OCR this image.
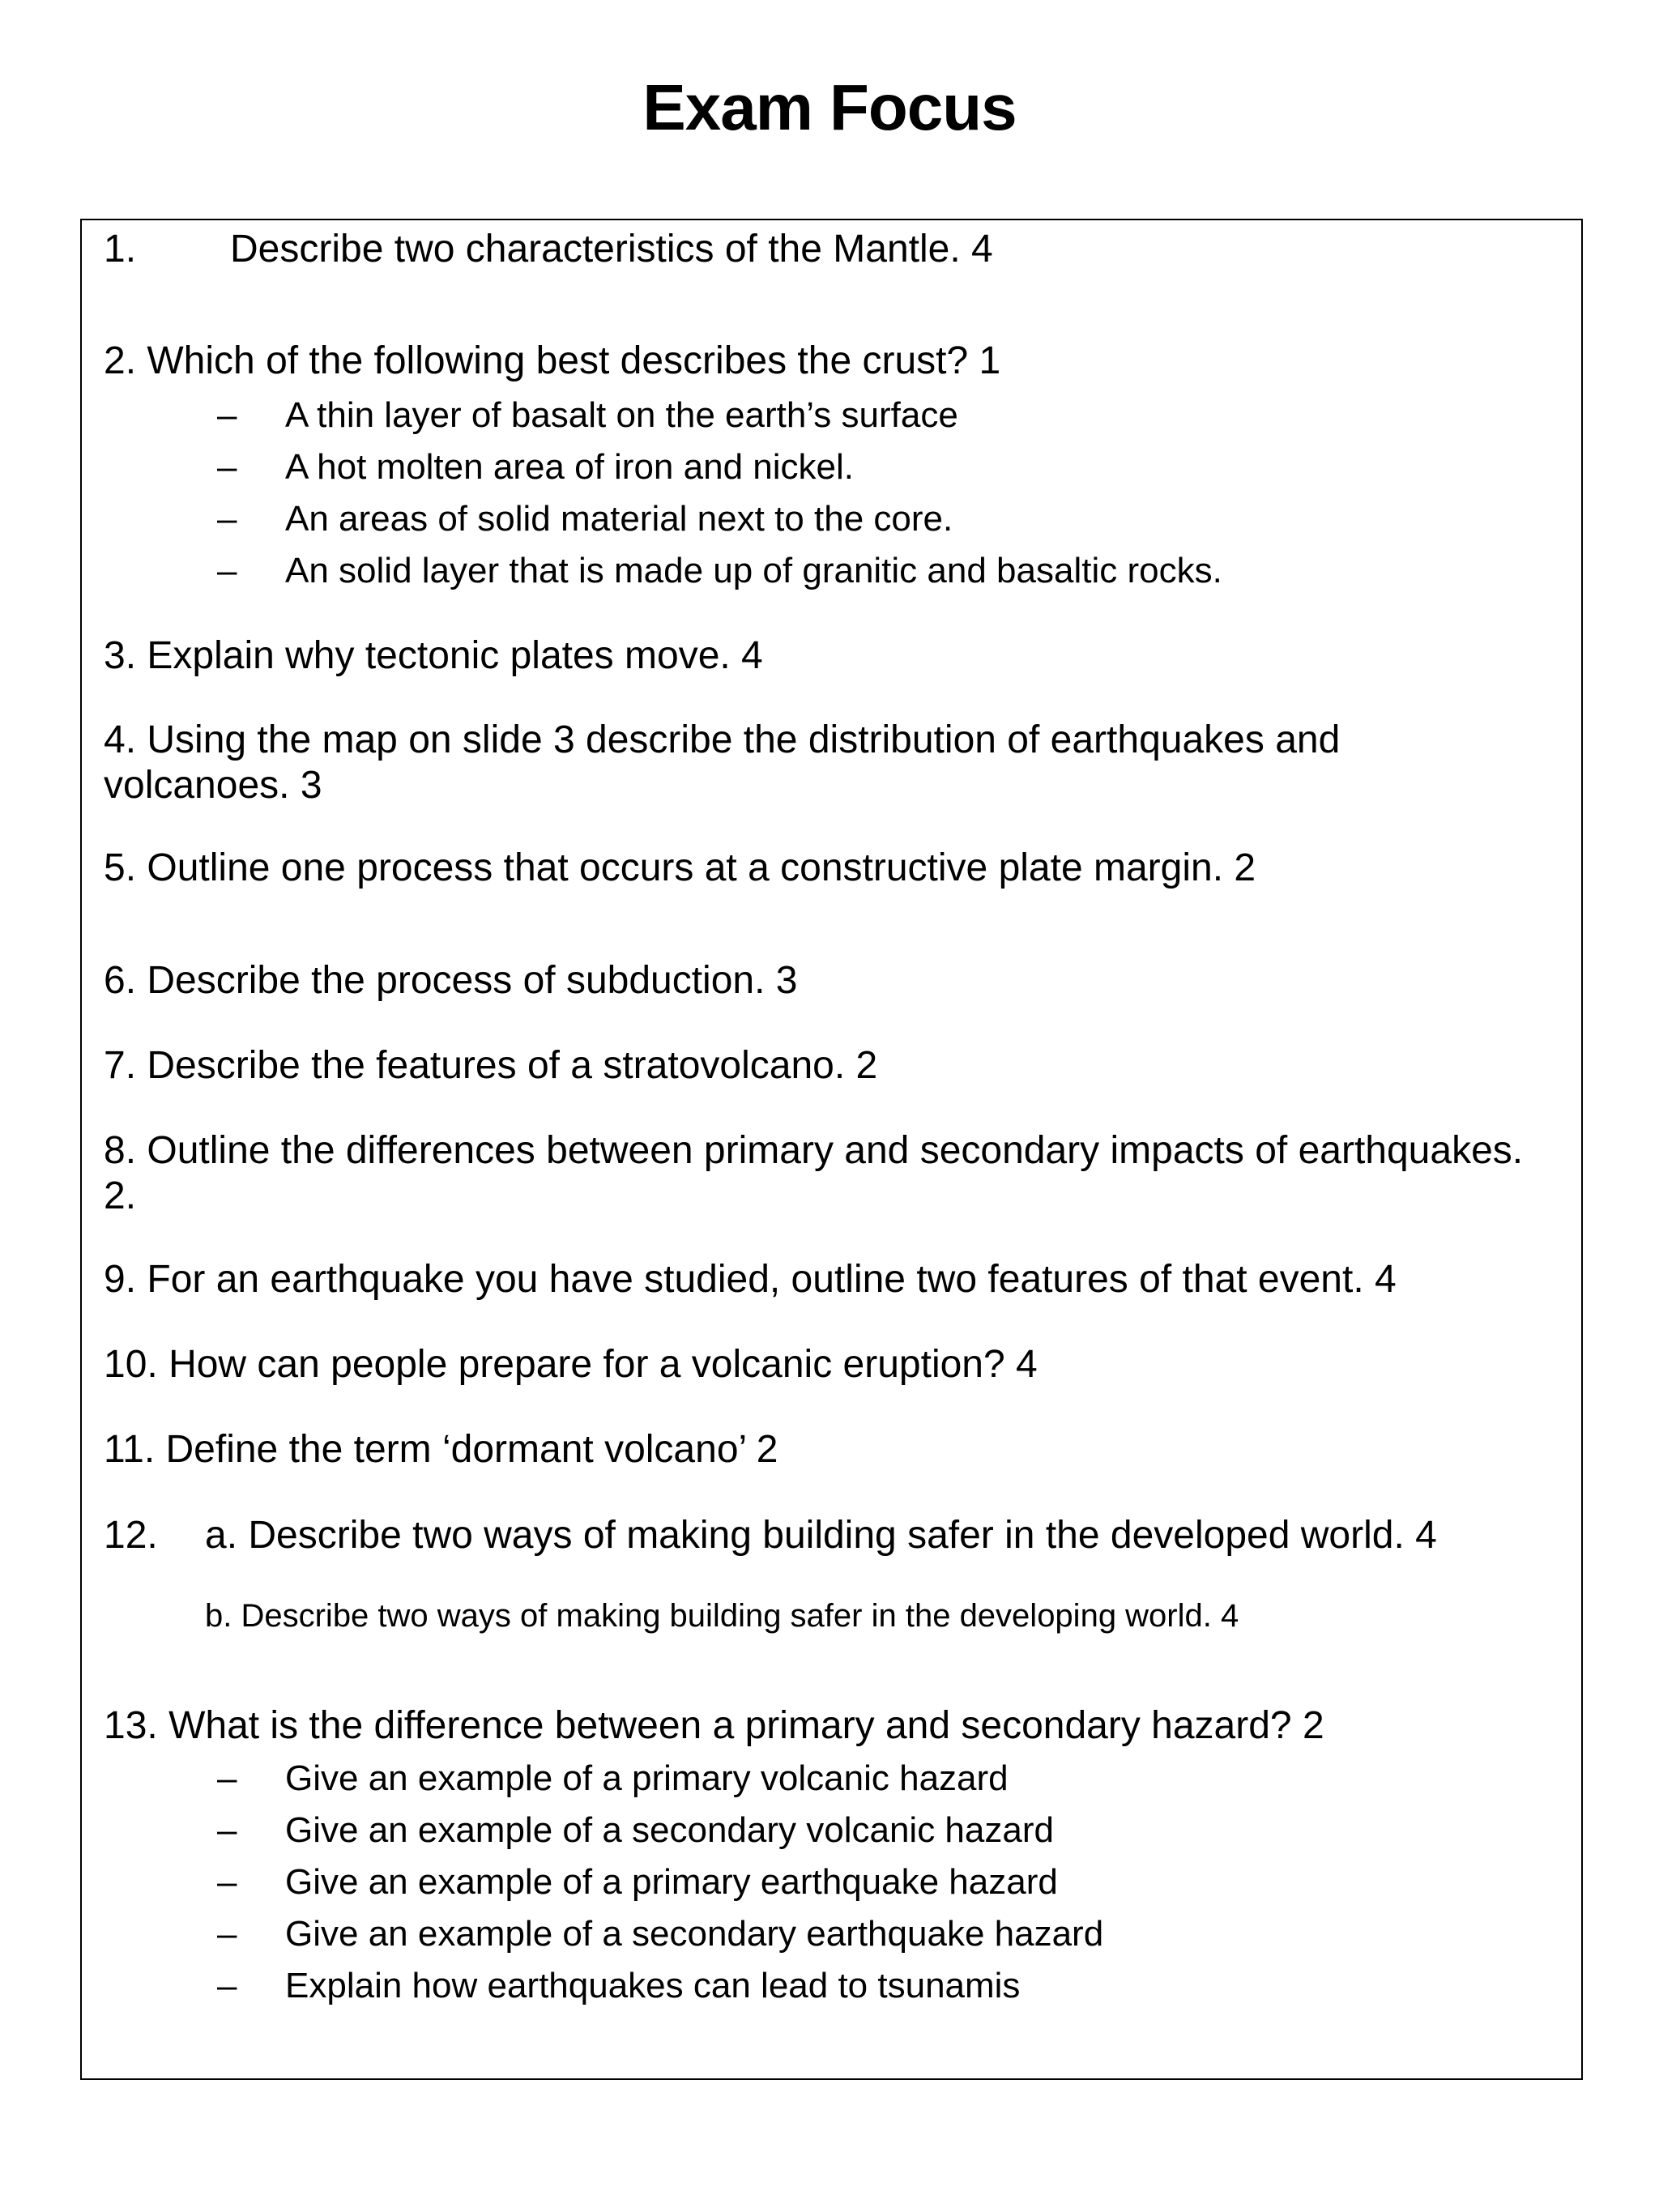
Exam Focus
1. Describe two characteristics of the Mantle. 4
2. Which of the following best describes the crust? 1
– A thin layer of basalt on the earth’s surface
– A hot molten area of iron and nickel.
– An areas of solid material next to the core.
– An solid layer that is made up of granitic and basaltic rocks.
3. Explain why tectonic plates move. 4
4. Using the map on slide 3 describe the distribution of earthquakes and volcanoes. 3
5. Outline one process that occurs at a constructive plate margin. 2
6. Describe the process of subduction. 3
7. Describe the features of a stratovolcano. 2
8. Outline the differences between primary and secondary impacts of earthquakes. 2.
9. For an earthquake you have studied, outline two features of that event. 4
10. How can people prepare for a volcanic eruption? 4
11. Define the term ‘dormant volcano’ 2
12. a. Describe two ways of making building safer in the developed world. 4
b. Describe two ways of making building safer in the developing world. 4
13. What is the difference between a primary and secondary hazard? 2
– Give an example of a primary volcanic hazard
– Give an example of a secondary volcanic hazard
– Give an example of a primary earthquake hazard
– Give an example of a secondary earthquake hazard
– Explain how earthquakes can lead to tsunamis
